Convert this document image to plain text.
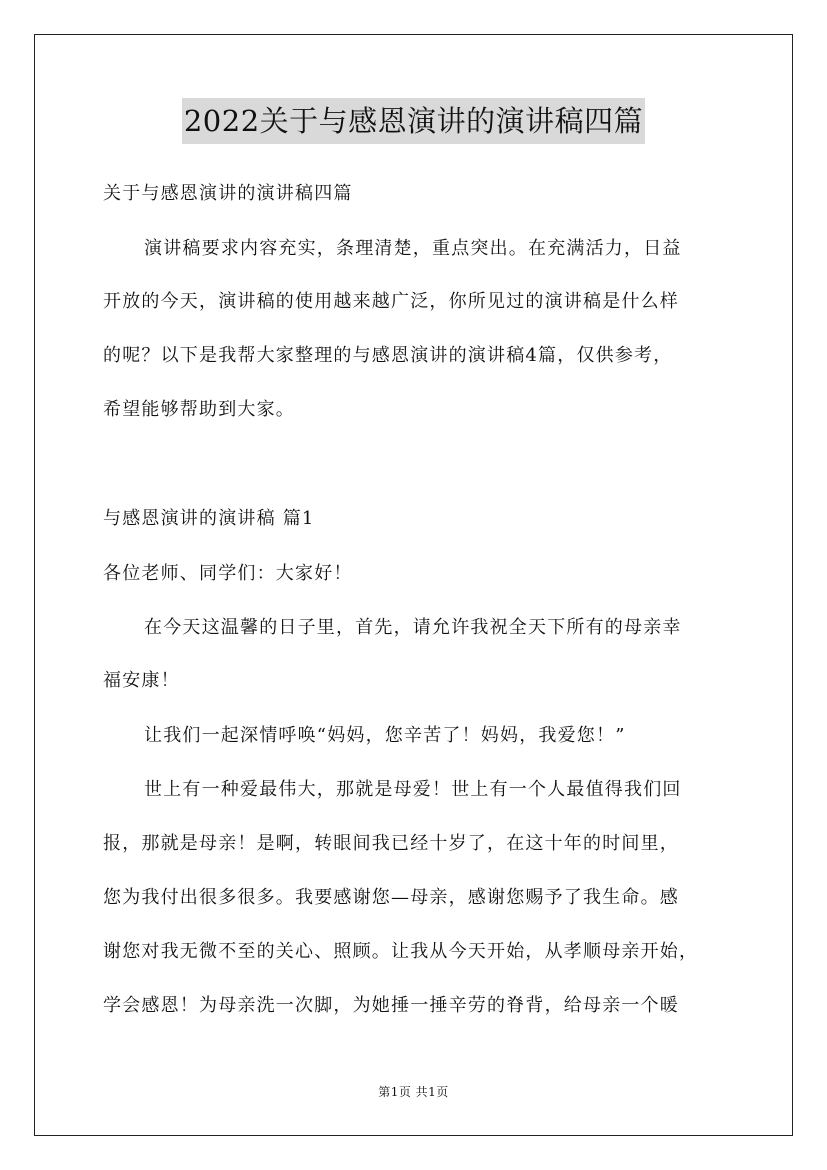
2022关于与感恩演讲的演讲稿四篇
关于与感恩演讲的演讲稿四篇
演讲稿要求内容充实，条理清楚，重点突出。在充满活力，日益
开放的今天，演讲稿的使用越来越广泛，你所见过的演讲稿是什么样
的呢？以下是我帮大家整理的与感恩演讲的演讲稿4篇，仅供参考，
希望能够帮助到大家。
与感恩演讲的演讲稿 篇1
各位老师、同学们：大家好！
在今天这温馨的日子里，首先，请允许我祝全天下所有的母亲幸
福安康！
让我们一起深情呼唤“妈妈，您辛苦了！妈妈，我爱您！”
世上有一种爱最伟大，那就是母爱！世上有一个人最值得我们回
报，那就是母亲！是啊，转眼间我已经十岁了，在这十年的时间里，
您为我付出很多很多。我要感谢您—母亲，感谢您赐予了我生命。感
谢您对我无微不至的关心、照顾。让我从今天开始，从孝顺母亲开始，
学会感恩！为母亲洗一次脚，为她捶一捶辛劳的脊背，给母亲一个暖
第1页 共1页
